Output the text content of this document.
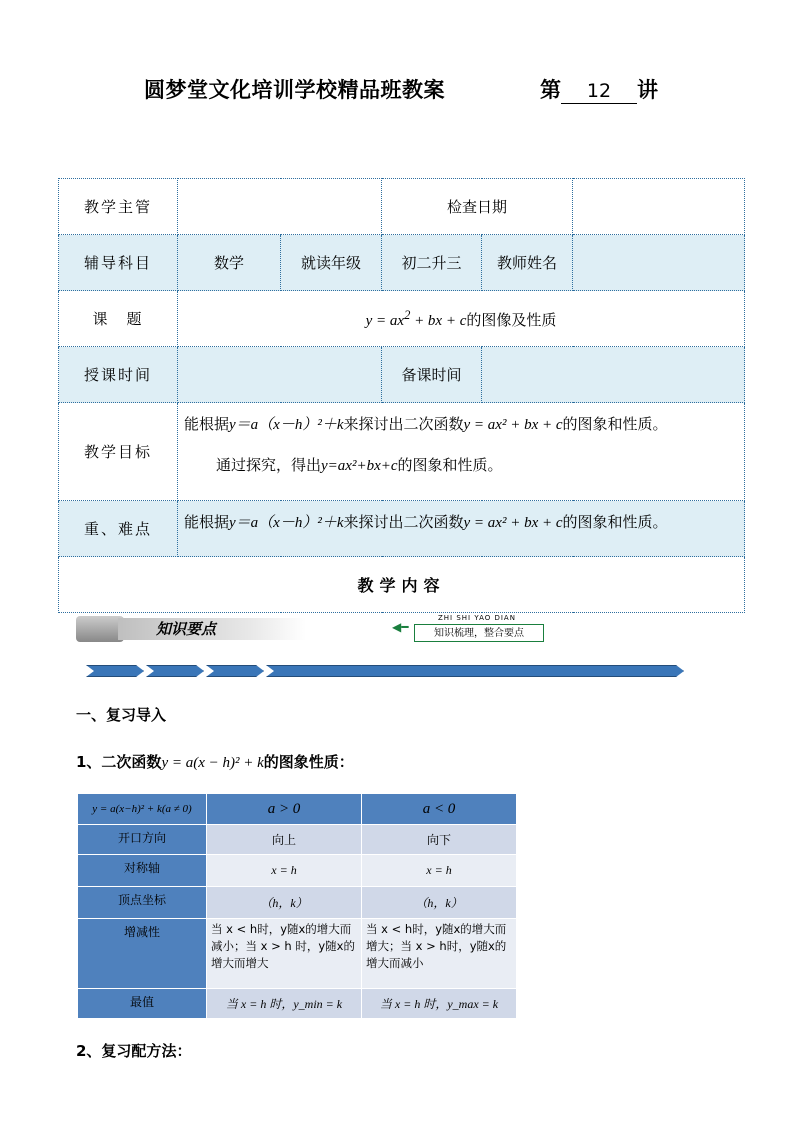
圆梦堂文化培训学校精品班教案	第 12 讲
教学主管			检查日期		
辅导科目	数学	就读年级	初二升三	教师姓名	
课　题	$y = ax^2$ + bx + c的图像及性质				
授课时间			备课时间		
教学目标	能根据y＝a（x－h）²＋k来探讨出二次函数y = ax² + bx + c的图象和性质。
通过探究，得出y=ax²+bx+c的图象和性质。				

重、难点	能根据y＝a（x－h）²＋k来探讨出二次函数y = ax² + bx + c的图象和性质。				
教学内容					
知识要点	◀━
ZHI SHI YAO DIAN
知识梳理，整合要点
一、复习导入
1、二次函数y = a(x − h)² + k的图象性质：
y = a(x−h)² + k(a ≠ 0)	a > 0	a < 0
开口方向	向上	向下
对称轴	x = h	x = h
顶点坐标	（h，k）	（h，k）
增减性	当 x < h时，y随x的增大而减小；当 x > h 时，y随x的增大而增大	当 x < h时，y随x的增大而增大；当 x > h时，y随x的增大而减小
最值	当 x = h 时，y_min = k	当 x = h 时，y_max = k
2、复习配方法：
